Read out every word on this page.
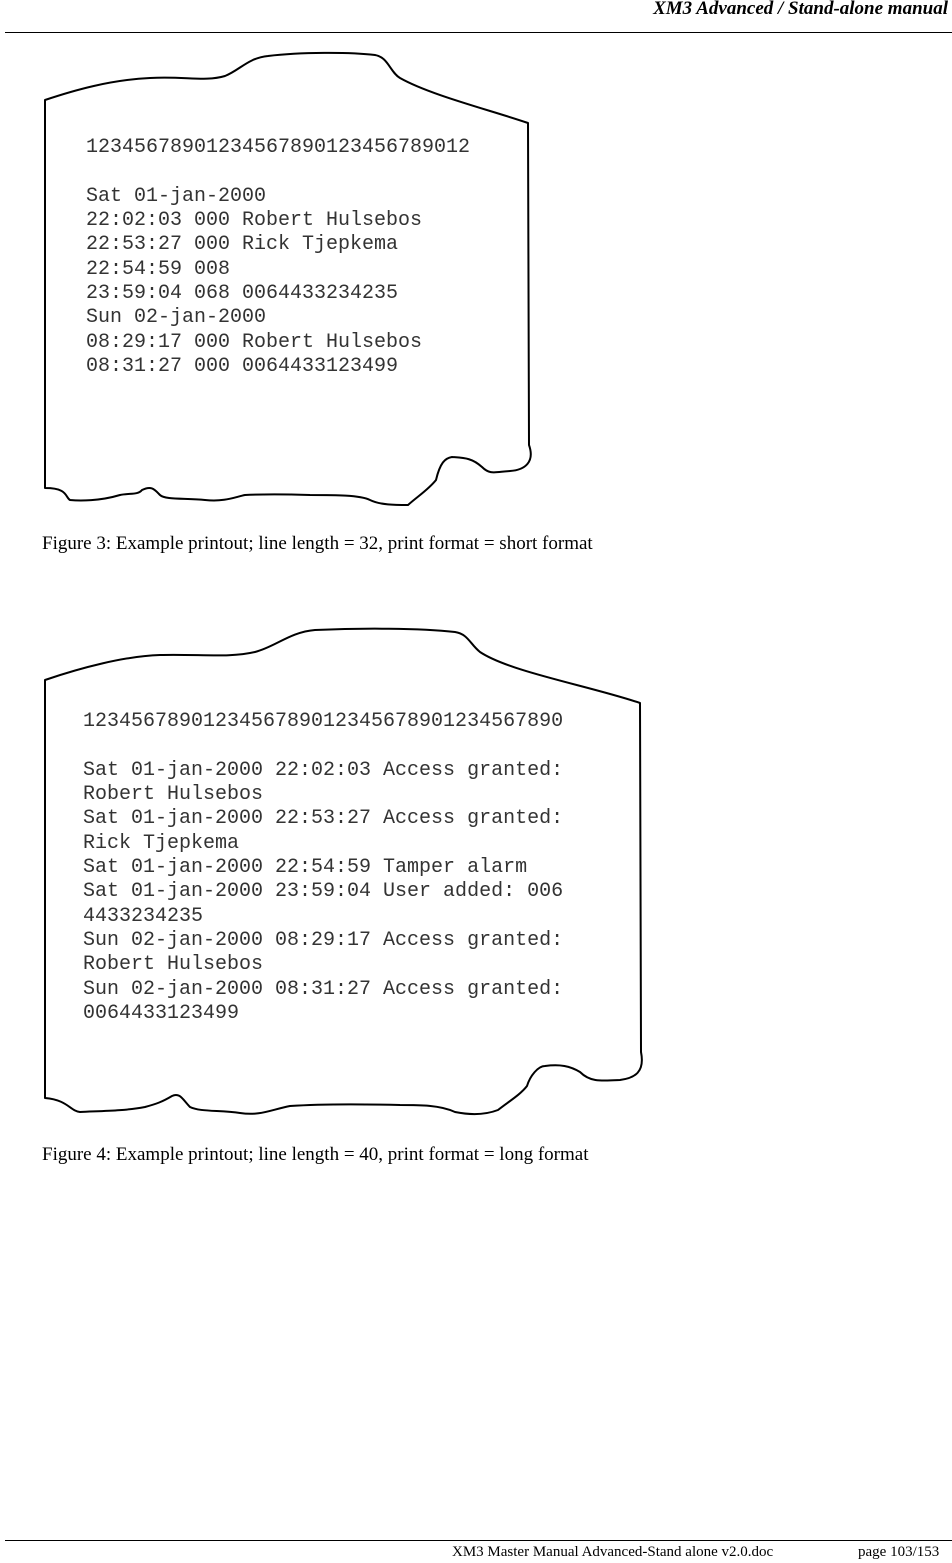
XM3 Advanced / Stand-alone manual
12345678901234567890123456789012
Sat 01-jan-2000
22:02:03 000 Robert Hulsebos
22:53:27 000 Rick Tjepkema
22:54:59 008
23:59:04 068 0064433234235
Sun 02-jan-2000
08:29:17 000 Robert Hulsebos
08:31:27 000 0064433123499
Figure 3: Example printout; line length = 32, print format = short format
1234567890123456789012345678901234567890
Sat 01-jan-2000 22:02:03 Access granted:
Robert Hulsebos
Sat 01-jan-2000 22:53:27 Access granted:
Rick Tjepkema
Sat 01-jan-2000 22:54:59 Tamper alarm
Sat 01-jan-2000 23:59:04 User added: 006
4433234235
Sun 02-jan-2000 08:29:17 Access granted:
Robert Hulsebos
Sun 02-jan-2000 08:31:27 Access granted:
0064433123499
Figure 4: Example printout; line length = 40, print format = long format
XM3 Master Manual Advanced-Stand alone v2.0.doc	page 103/153
